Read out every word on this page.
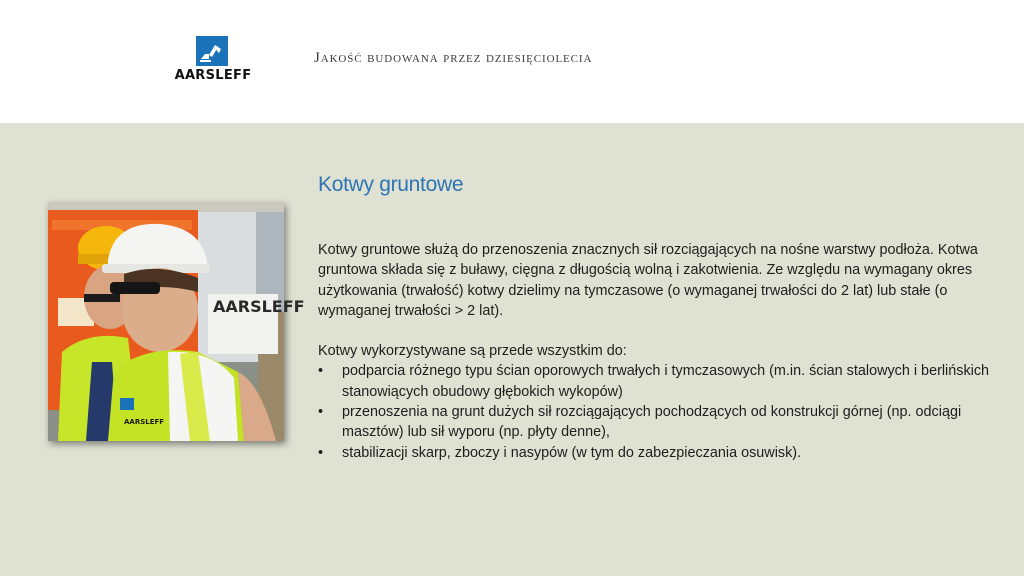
AARSLEFF
Jakość budowana przez dziesięciolecia
AARSLEFF
AARSLEFF
Kotwy gruntowe

Kotwy gruntowe służą do przenoszenia znacznych sił rozciągających na nośne warstwy podłoża. Kotwa gruntowa składa się z buławy, cięgna z długością wolną i zakotwienia. Ze względu na wymagany okres użytkowania (trwałość) kotwy dzielimy na tymczasowe (o wymaganej trwałości do 2 lat) lub stałe (o wymaganej trwałości > 2 lat).

Kotwy wykorzystywane są przede wszystkim do:

• podparcia różnego typu ścian oporowych trwałych i tymczasowych (m.in. ścian stalowych i berlińskich stanowiących obudowy głębokich wykopów)
• przenoszenia na grunt dużych sił rozciągających pochodzących od konstrukcji górnej (np. odciągi masztów) lub sił wyporu (np. płyty denne),
• stabilizacji skarp, zboczy i nasypów (w tym do zabezpieczania osuwisk).
